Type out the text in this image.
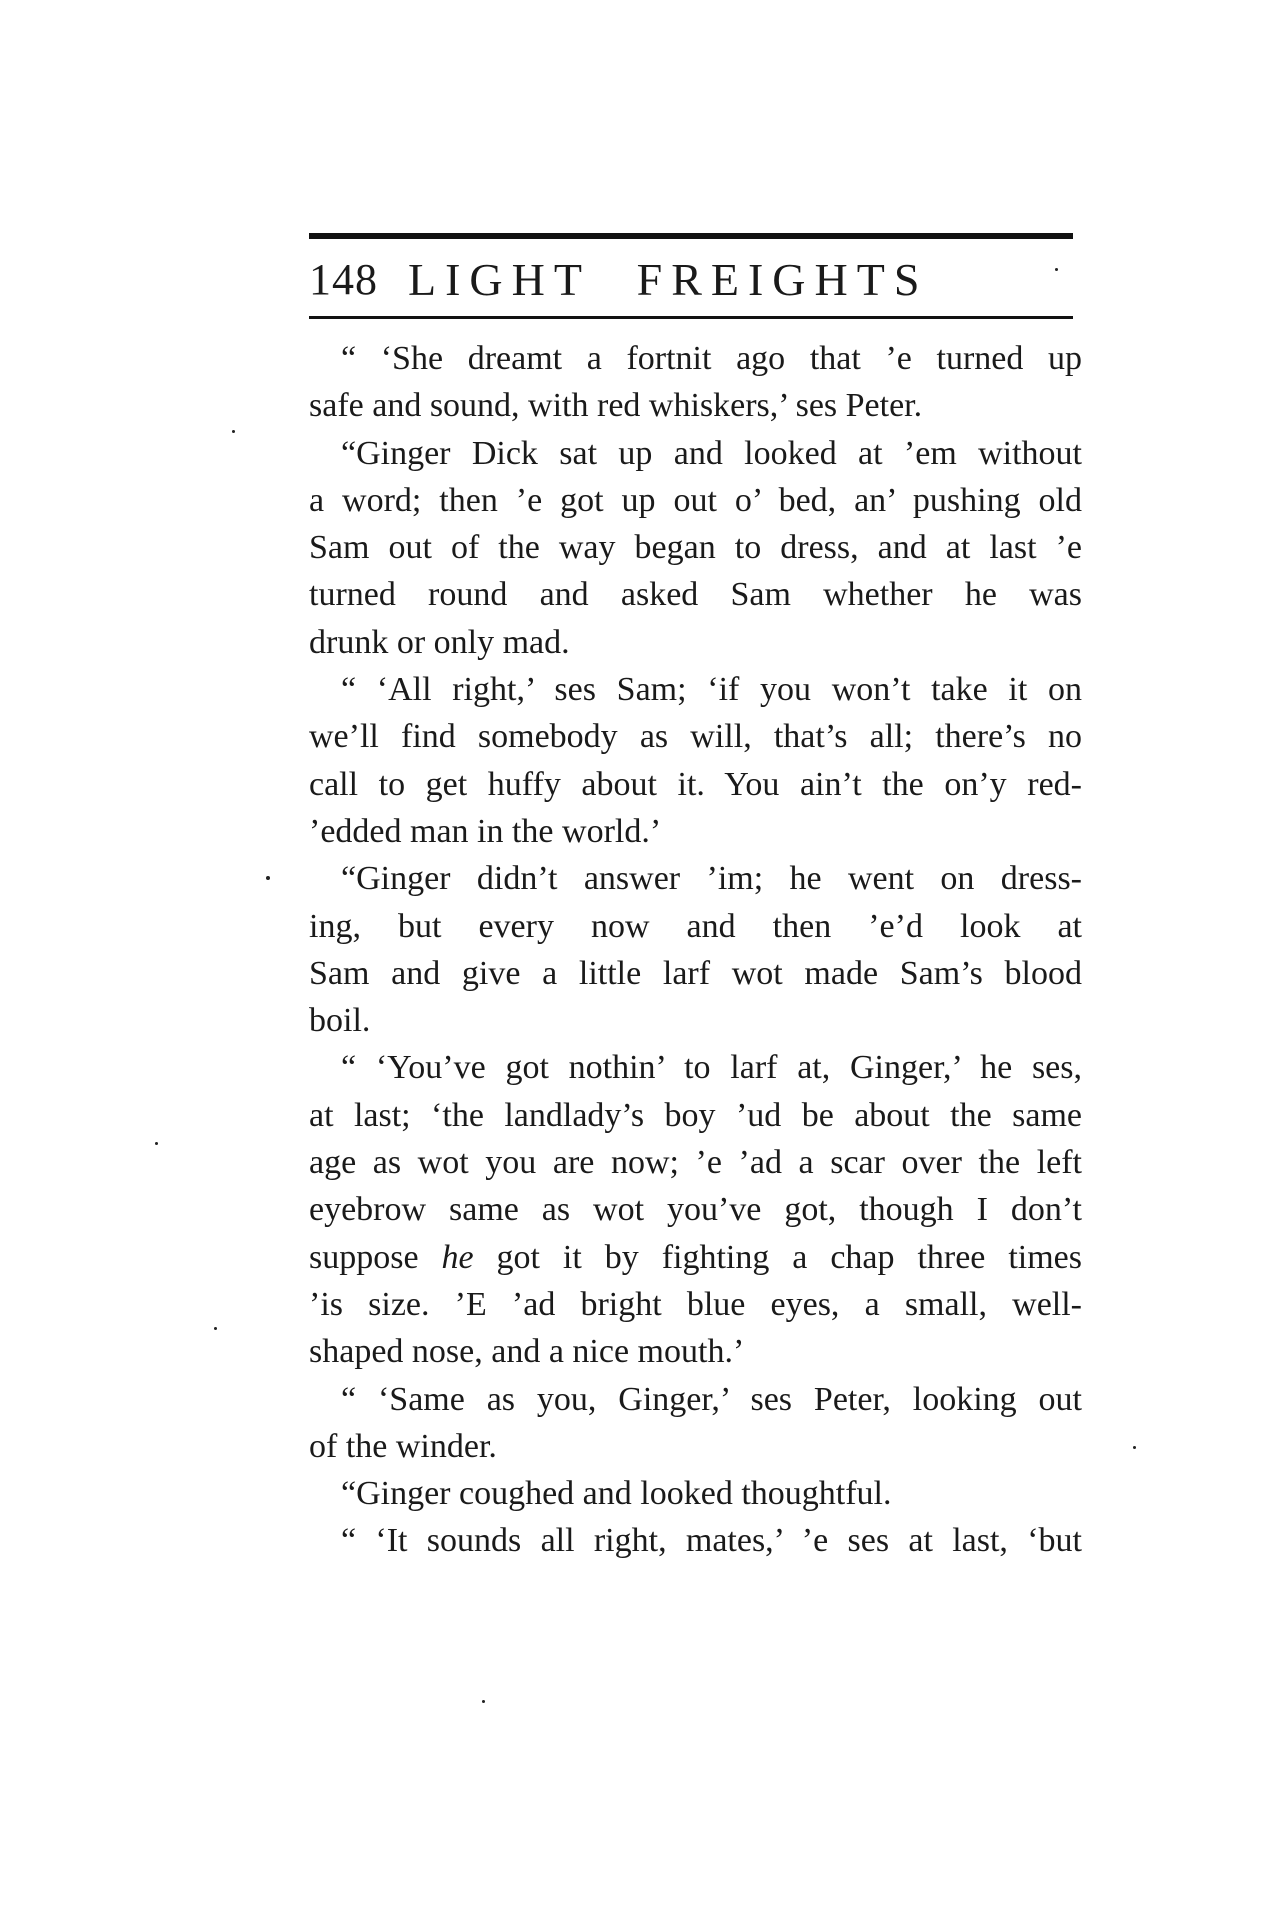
148 LIGHT FREIGHTS
“ ‘She dreamt a fortnit ago that ’e turned up
safe and sound, with red whiskers,’ ses Peter.
“Ginger Dick sat up and looked at ’em without
a word; then ’e got up out o’ bed, an’ pushing old
Sam out of the way began to dress, and at last ’e
turned round and asked Sam whether he was
drunk or only mad.
“ ‘All right,’ ses Sam; ‘if you won’t take it on
we’ll find somebody as will, that’s all; there’s no
call to get huffy about it. You ain’t the on’y red-
’edded man in the world.’
“Ginger didn’t answer ’im; he went on dress-
ing, but every now and then ’e’d look at
Sam and give a little larf wot made Sam’s blood
boil.
“ ‘You’ve got nothin’ to larf at, Ginger,’ he ses,
at last; ‘the landlady’s boy ’ud be about the same
age as wot you are now; ’e ’ad a scar over the left
eyebrow same as wot you’ve got, though I don’t
suppose he got it by fighting a chap three times
’is size. ’E ’ad bright blue eyes, a small, well-
shaped nose, and a nice mouth.’
“ ‘Same as you, Ginger,’ ses Peter, looking out
of the winder.
“Ginger coughed and looked thoughtful.
“ ‘It sounds all right, mates,’ ’e ses at last, ‘but
